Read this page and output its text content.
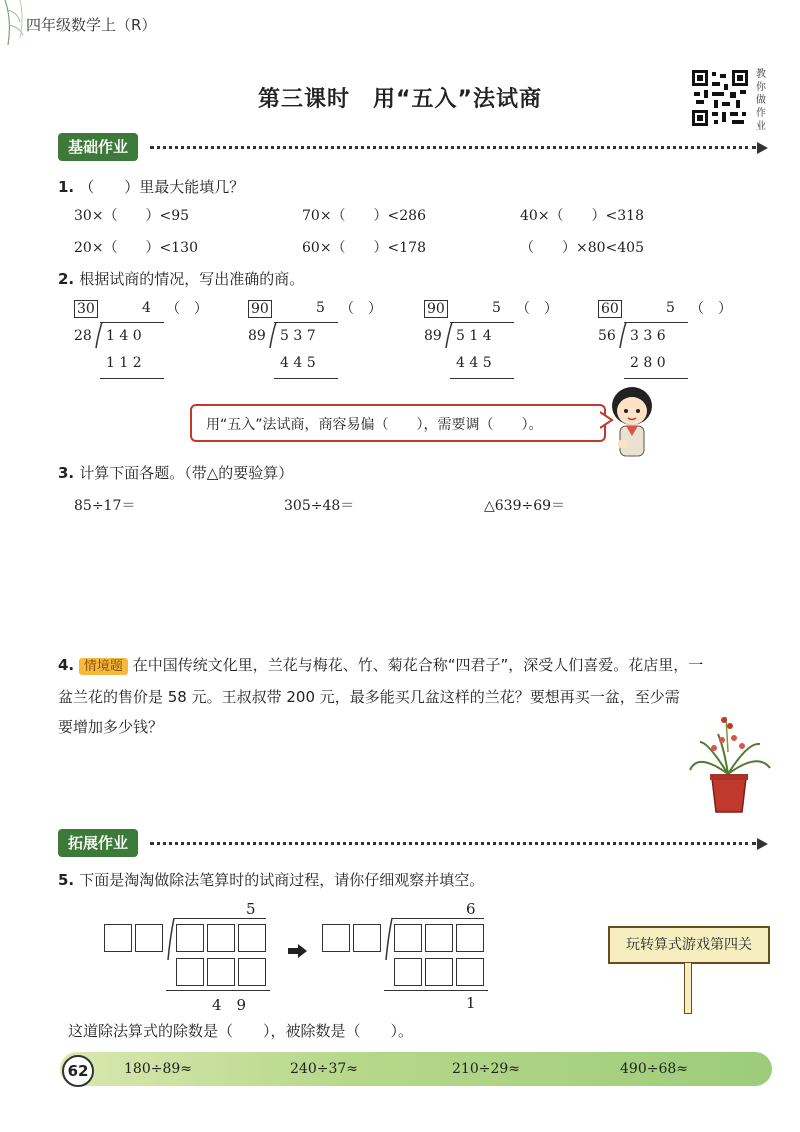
四年级数学上（R）
第三课时　用“五入”法试商
教你做作业
基础作业
1. （　　）里最大能填几？
30×（　　）<95	70×（　　）<286	40×（　　）<318
20×（　　）<130	60×（　　）<178	（　　）×80<405
2. 根据试商的情况，写出准确的商。
30	4 （　）
28 1 4 0
1 1 2
90	5 （　）
89 5 3 7
4 4 5
90	5 （　）
89 5 1 4
4 4 5
60	5 （　）
56 3 3 6
2 8 0
用“五入”法试商，商容易偏（　　），需要调（　　）。
3. 计算下面各题。（带△的要验算）
85÷17＝	305÷48＝	△639÷69＝
4. 情境题 在中国传统文化里，兰花与梅花、竹、菊花合称“四君子”，深受人们喜爱。花店里，一
盆兰花的售价是 58 元。王叔叔带 200 元，最多能买几盆这样的兰花？要想再买一盆，至少需
要增加多少钱？
拓展作业
5. 下面是淘淘做除法笔算时的试商过程，请你仔细观察并填空。
5
4　9
6
1
玩转算式游戏第四关
这道除法算式的除数是（　　），被除数是（　　）。
62	180÷89≈	240÷37≈	210÷29≈	490÷68≈
